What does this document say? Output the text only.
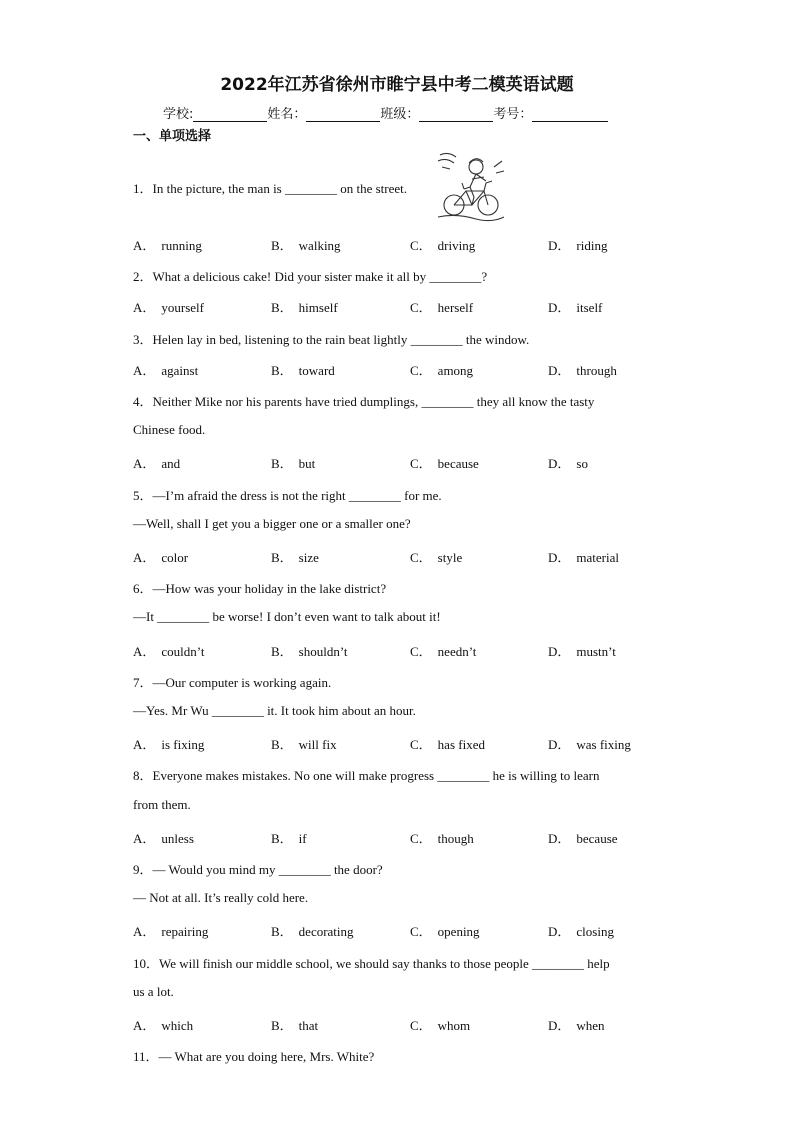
2022年江苏省徐州市睢宁县中考二模英语试题
学校:	姓名：	班级：	考号：
一、单项选择
1．In the picture, the man is ________ on the street.
A． running	B． walking	C． driving	D． riding
2．What a delicious cake! Did your sister make it all by ________?
A． yourself	B． himself	C． herself	D． itself
3．Helen lay in bed, listening to the rain beat lightly ________ the window.
A． against	B． toward	C． among	D． through
4．Neither Mike nor his parents have tried dumplings, ________ they all know the tasty
Chinese food.
A． and	B． but	C． because	D． so
5．—I’m afraid the dress is not the right ________ for me.
—Well, shall I get you a bigger one or a smaller one?
A． color	B． size	C． style	D． material
6．—How was your holiday in the lake district?
—It ________ be worse! I don’t even want to talk about it!
A． couldn’t	B． shouldn’t	C． needn’t	D． mustn’t
7．—Our computer is working again.
—Yes. Mr Wu ________ it. It took him about an hour.
A． is fixing	B． will fix	C． has fixed	D． was fixing
8．Everyone makes mistakes. No one will make progress ________ he is willing to learn
from them.
A． unless	B． if	C． though	D． because
9．— Would you mind my ________ the door?
— Not at all. It’s really cold here.
A． repairing	B． decorating	C． opening	D． closing
10．We will finish our middle school, we should say thanks to those people ________ help
us a lot.
A． which	B． that	C． whom	D． when
11．— What are you doing here, Mrs. White?
